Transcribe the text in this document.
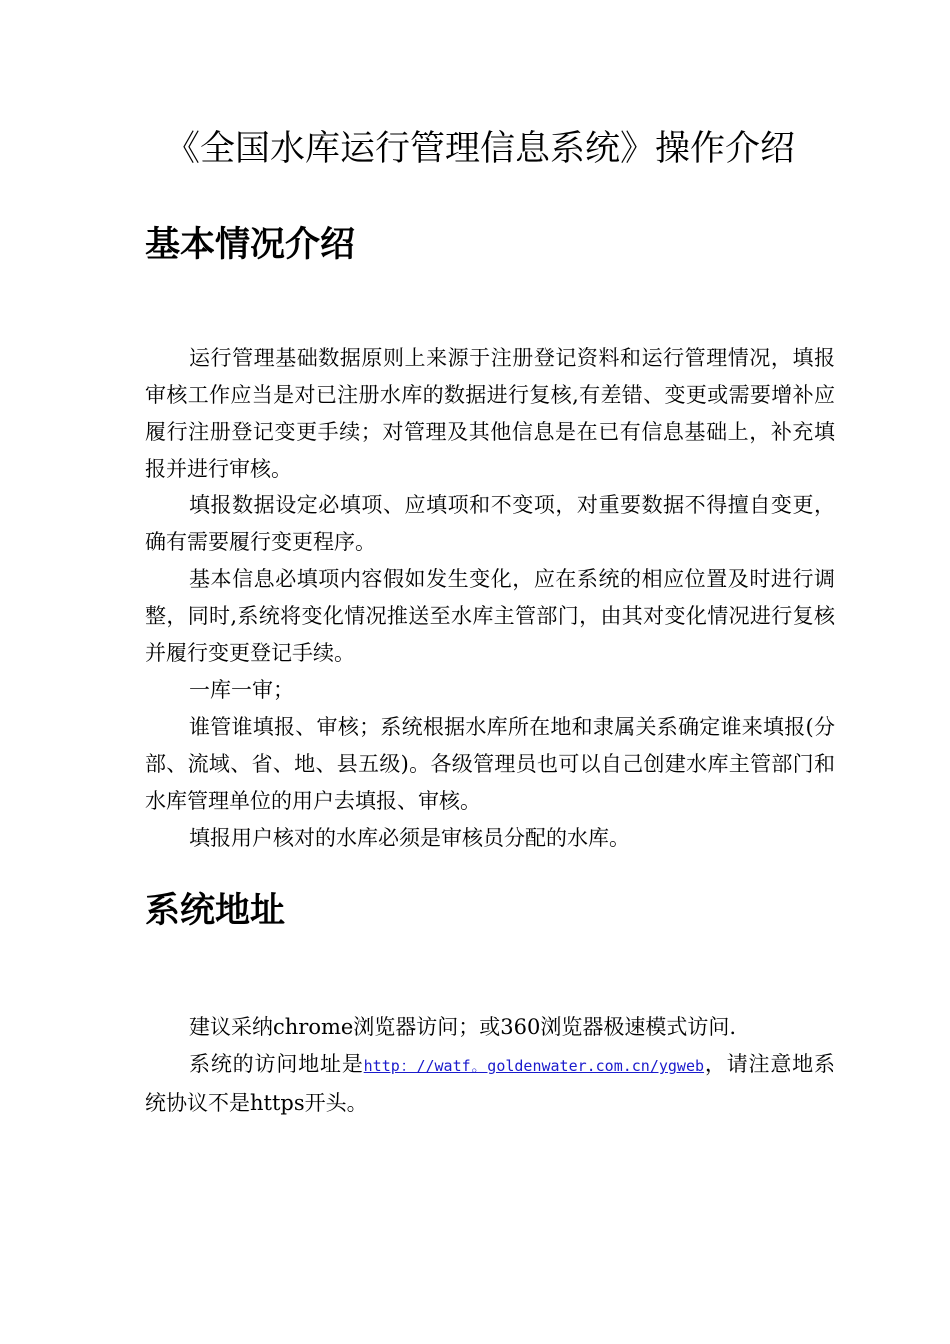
《全国水库运行管理信息系统》操作介绍
基本情况介绍

运行管理基础数据原则上来源于注册登记资料和运行管理情况，填报审核工作应当是对已注册水库的数据进行复核,有差错、变更或需要增补应履行注册登记变更手续；对管理及其他信息是在已有信息基础上，补充填报并进行审核。

填报数据设定必填项、应填项和不变项，对重要数据不得擅自变更，确有需要履行变更程序。

基本信息必填项内容假如发生变化，应在系统的相应位置及时进行调整，同时,系统将变化情况推送至水库主管部门，由其对变化情况进行复核并履行变更登记手续。

一库一审；

谁管谁填报、审核；系统根据水库所在地和隶属关系确定谁来填报(分部、流域、省、地、县五级)。各级管理员也可以自己创建水库主管部门和水库管理单位的用户去填报、审核。

填报用户核对的水库必须是审核员分配的水库。

系统地址

建议采纳chrome浏览器访问；或360浏览器极速模式访问.

系统的访问地址是http：//watf。goldenwater.com.cn/ygweb，请注意地系统协议不是https开头。
